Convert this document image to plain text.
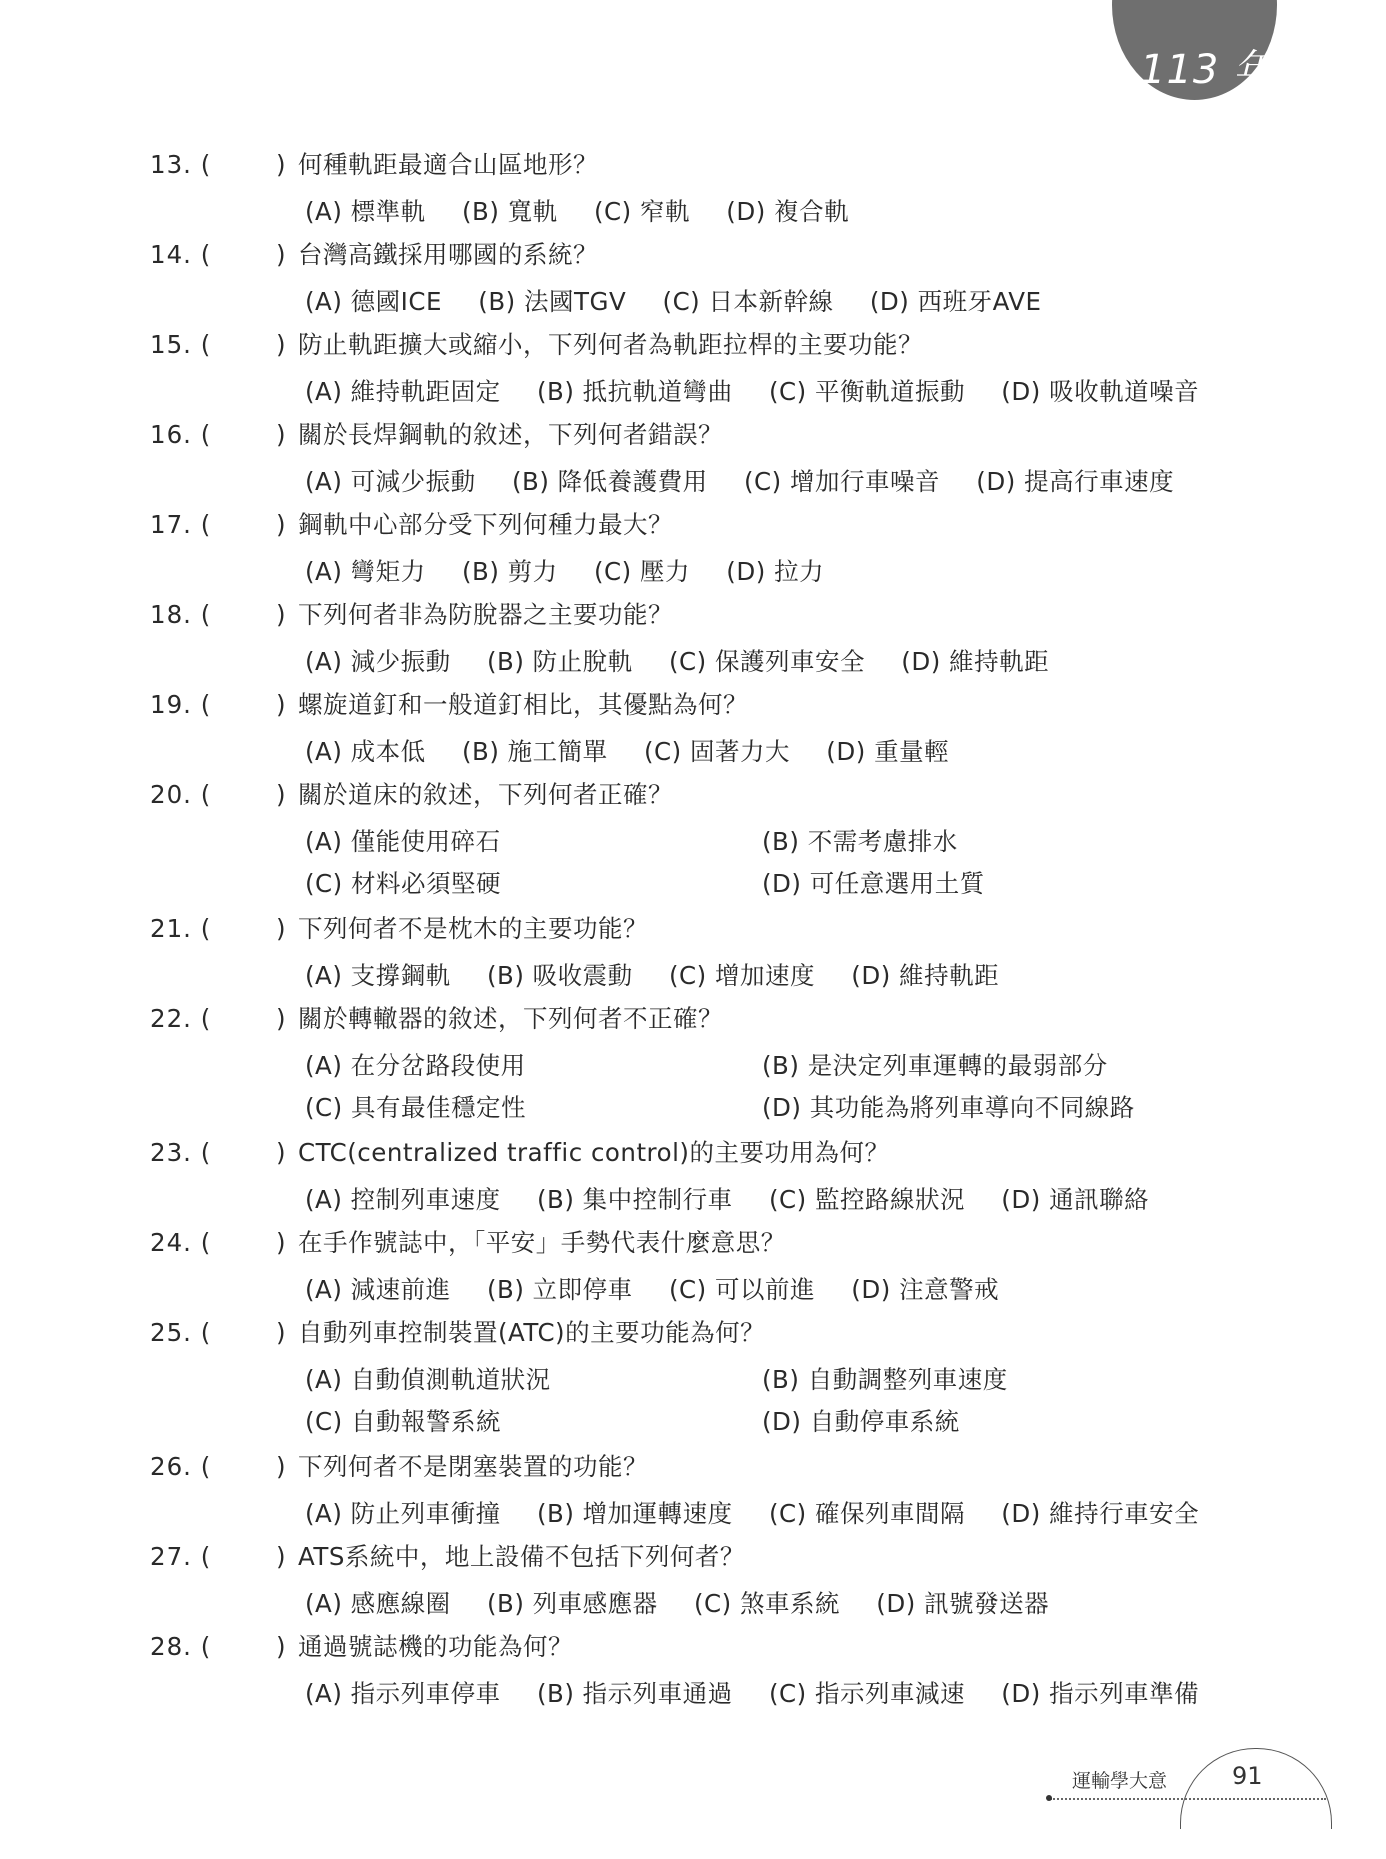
113 年
13. (	) 何種軌距最適合山區地形？
(A) 標準軌 (B) 寬軌 (C) 窄軌 (D) 複合軌
14. (	) 台灣高鐵採用哪國的系統？
(A) 德國ICE (B) 法國TGV (C) 日本新幹線 (D) 西班牙AVE
15. (	) 防止軌距擴大或縮小，下列何者為軌距拉桿的主要功能？
(A) 維持軌距固定 (B) 抵抗軌道彎曲 (C) 平衡軌道振動 (D) 吸收軌道噪音
16. (	) 關於長焊鋼軌的敘述，下列何者錯誤？
(A) 可減少振動 (B) 降低養護費用 (C) 增加行車噪音 (D) 提高行車速度
17. (	) 鋼軌中心部分受下列何種力最大？
(A) 彎矩力 (B) 剪力 (C) 壓力 (D) 拉力
18. (	) 下列何者非為防脫器之主要功能？
(A) 減少振動 (B) 防止脫軌 (C) 保護列車安全 (D) 維持軌距
19. (	) 螺旋道釘和一般道釘相比，其優點為何？
(A) 成本低 (B) 施工簡單 (C) 固著力大 (D) 重量輕
20. (	) 關於道床的敘述，下列何者正確？
(A) 僅能使用碎石	(B) 不需考慮排水
(C) 材料必須堅硬	(D) 可任意選用土質
21. (	) 下列何者不是枕木的主要功能？
(A) 支撐鋼軌 (B) 吸收震動 (C) 增加速度 (D) 維持軌距
22. (	) 關於轉轍器的敘述，下列何者不正確？
(A) 在分岔路段使用	(B) 是決定列車運轉的最弱部分
(C) 具有最佳穩定性	(D) 其功能為將列車導向不同線路
23. (	) CTC(centralized traffic control)的主要功用為何？
(A) 控制列車速度 (B) 集中控制行車 (C) 監控路線狀況 (D) 通訊聯絡
24. (	) 在手作號誌中，「平安」手勢代表什麼意思？
(A) 減速前進 (B) 立即停車 (C) 可以前進 (D) 注意警戒
25. (	) 自動列車控制裝置(ATC)的主要功能為何？
(A) 自動偵測軌道狀況	(B) 自動調整列車速度
(C) 自動報警系統	(D) 自動停車系統
26. (	) 下列何者不是閉塞裝置的功能？
(A) 防止列車衝撞 (B) 增加運轉速度 (C) 確保列車間隔 (D) 維持行車安全
27. (	) ATS系統中，地上設備不包括下列何者？
(A) 感應線圈 (B) 列車感應器 (C) 煞車系統 (D) 訊號發送器
28. (	) 通過號誌機的功能為何？
(A) 指示列車停車 (B) 指示列車通過 (C) 指示列車減速 (D) 指示列車準備
運輸學大意	91
